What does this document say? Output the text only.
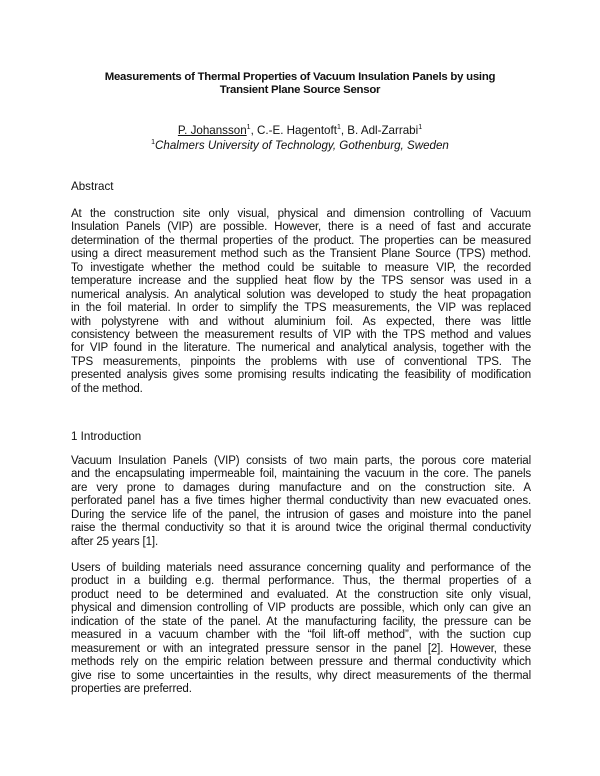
Measurements of Thermal Properties of Vacuum Insulation Panels by using
Transient Plane Source Sensor
P. Johansson$^1$, C.-E. Hagentoft$^1$, B. Adl-Zarrabi$^1$
$^1$Chalmers University of Technology, Gothenburg, Sweden
Abstract
At the construction site only visual, physical and dimension controlling of Vacuum
Insulation Panels (VIP) are possible. However, there is a need of fast and accurate
determination of the thermal properties of the product. The properties can be measured
using a direct measurement method such as the Transient Plane Source (TPS) method.
To investigate whether the method could be suitable to measure VIP, the recorded
temperature increase and the supplied heat flow by the TPS sensor was used in a
numerical analysis. An analytical solution was developed to study the heat propagation
in the foil material. In order to simplify the TPS measurements, the VIP was replaced
with polystyrene with and without aluminium foil. As expected, there was little
consistency between the measurement results of VIP with the TPS method and values
for VIP found in the literature. The numerical and analytical analysis, together with the
TPS measurements, pinpoints the problems with use of conventional TPS. The
presented analysis gives some promising results indicating the feasibility of modification
of the method.
1 Introduction
Vacuum Insulation Panels (VIP) consists of two main parts, the porous core material
and the encapsulating impermeable foil, maintaining the vacuum in the core. The panels
are very prone to damages during manufacture and on the construction site. A
perforated panel has a five times higher thermal conductivity than new evacuated ones.
During the service life of the panel, the intrusion of gases and moisture into the panel
raise the thermal conductivity so that it is around twice the original thermal conductivity
after 25 years [1].
Users of building materials need assurance concerning quality and performance of the
product in a building e.g. thermal performance. Thus, the thermal properties of a
product need to be determined and evaluated. At the construction site only visual,
physical and dimension controlling of VIP products are possible, which only can give an
indication of the state of the panel. At the manufacturing facility, the pressure can be
measured in a vacuum chamber with the “foil lift-off method”, with the suction cup
measurement or with an integrated pressure sensor in the panel [2]. However, these
methods rely on the empiric relation between pressure and thermal conductivity which
give rise to some uncertainties in the results, why direct measurements of the thermal
properties are preferred.
